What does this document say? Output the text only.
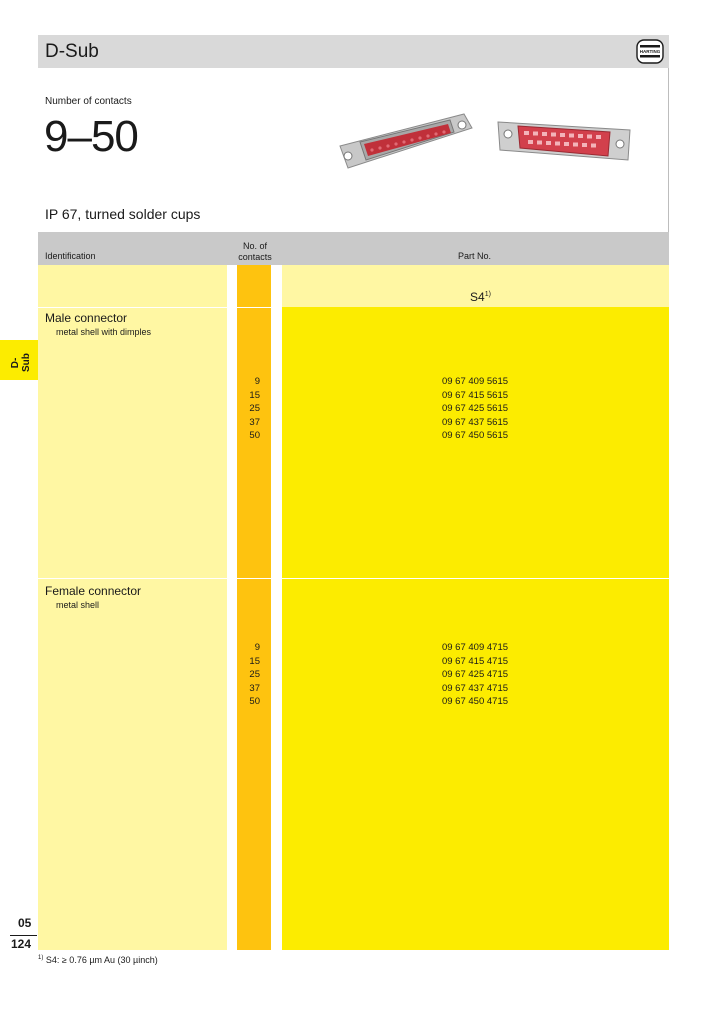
D-Sub	HARTING
Number of contacts
9–50
IP 67, turned solder cups
Identification
No. of contacts	Part No.
S4$^{1)}$
Male connector
metal shell with dimples
9
15
25
37
50
09 67 409 5615
09 67 415 5615
09 67 425 5615
09 67 437 5615
09 67 450 5615
Female connector
metal shell
9
15
25
37
50
09 67 409 4715
09 67 415 4715
09 67 425 4715
09 67 437 4715
09 67 450 4715
D-Sub
05
124
$^{1)}$ S4: ≥ 0.76 µm Au (30 µinch)
